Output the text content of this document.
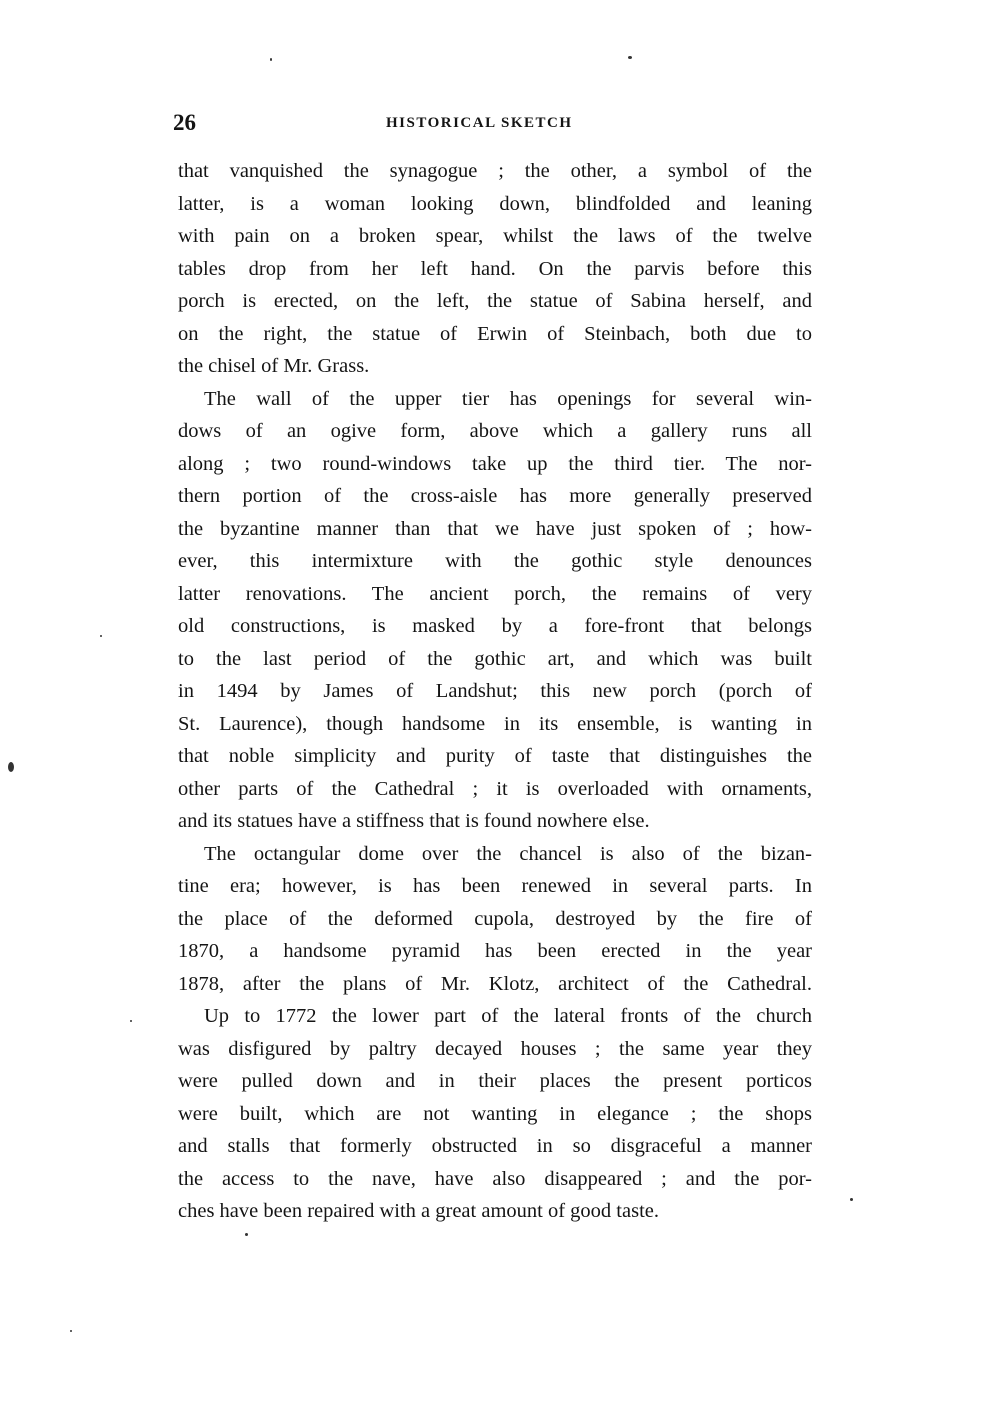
26	HISTORICAL SKETCH
that vanquished the synagogue ; the other, a symbol of the
latter, is a woman looking down, blindfolded and leaning
with pain on a broken spear, whilst the laws of the twelve
tables drop from her left hand. On the parvis before this
porch is erected, on the left, the statue of Sabina herself, and
on the right, the statue of Erwin of Steinbach, both due to
the chisel of Mr. Grass.
The wall of the upper tier has openings for several win-
dows of an ogive form, above which a gallery runs all
along ; two round-windows take up the third tier. The nor-
thern portion of the cross-aisle has more generally preserved
the byzantine manner than that we have just spoken of ; how-
ever, this intermixture with the gothic style denounces
latter renovations. The ancient porch, the remains of very
old constructions, is masked by a fore-front that belongs
to the last period of the gothic art, and which was built
in 1494 by James of Landshut; this new porch (porch of
St. Laurence), though handsome in its ensemble, is wanting in
that noble simplicity and purity of taste that distinguishes the
other parts of the Cathedral ; it is overloaded with ornaments,
and its statues have a stiffness that is found nowhere else.
The octangular dome over the chancel is also of the bizan-
tine era; however, is has been renewed in several parts. In
the place of the deformed cupola, destroyed by the fire of
1870, a handsome pyramid has been erected in the year
1878, after the plans of Mr. Klotz, architect of the Cathedral.
Up to 1772 the lower part of the lateral fronts of the church
was disfigured by paltry decayed houses ; the same year they
were pulled down and in their places the present porticos
were built, which are not wanting in elegance ; the shops
and stalls that formerly obstructed in so disgraceful a manner
the access to the nave, have also disappeared ; and the por-
ches have been repaired with a great amount of good taste.
